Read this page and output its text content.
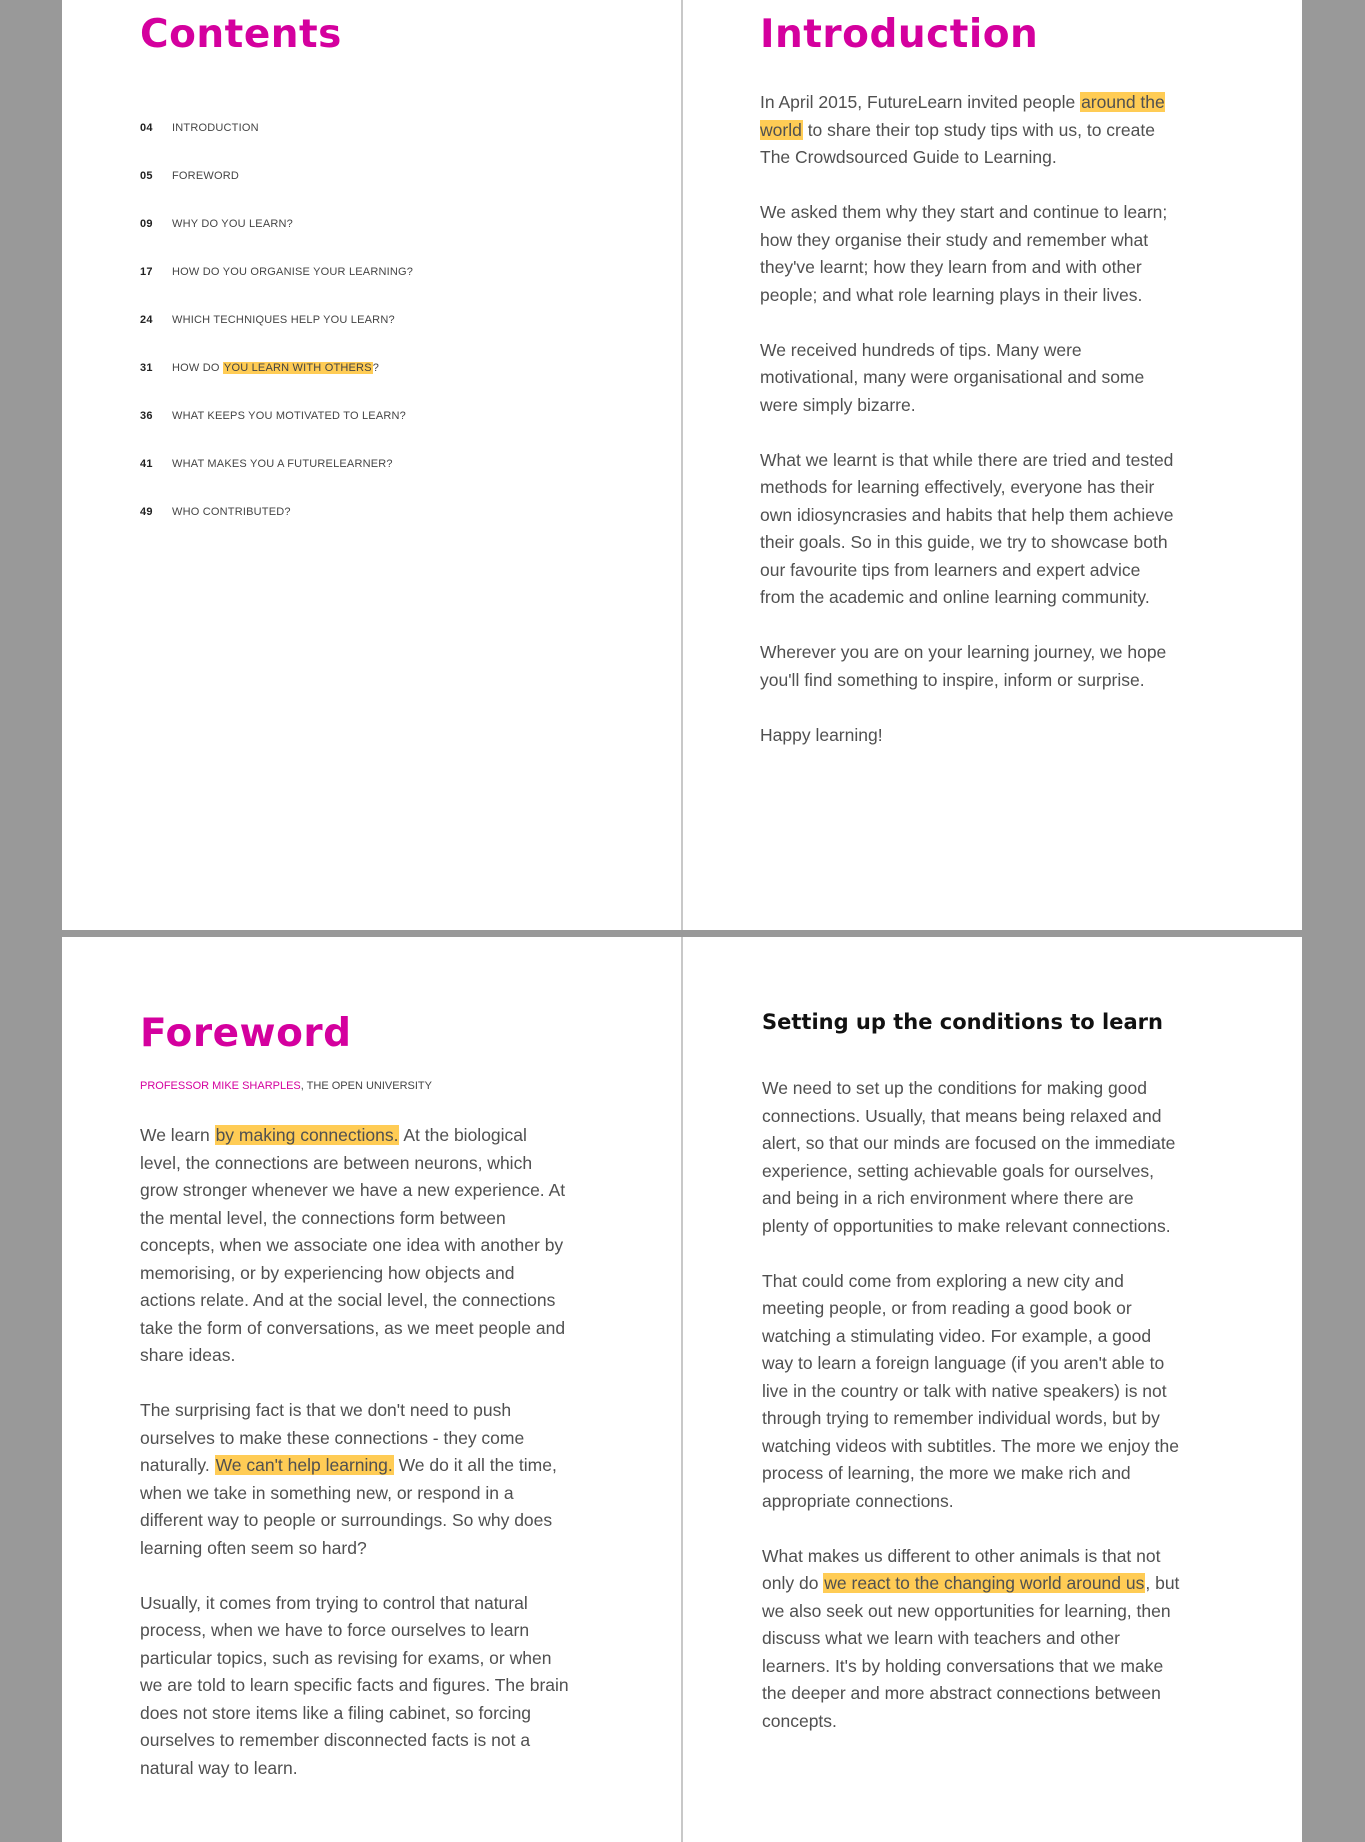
Contents
04	INTRODUCTION
05	FOREWORD
09	WHY DO YOU LEARN?
17	HOW DO YOU ORGANISE YOUR LEARNING?
24	WHICH TECHNIQUES HELP YOU LEARN?
31	HOW DO YOU LEARN WITH OTHERS?
36	WHAT KEEPS YOU MOTIVATED TO LEARN?
41	WHAT MAKES YOU A FUTURELEARNER?
49	WHO CONTRIBUTED?
Introduction

In April 2015, FutureLearn invited people around the world to share their top study tips with us, to create The Crowdsourced Guide to Learning.

We asked them why they start and continue to learn; how they organise their study and remember what they've learnt; how they learn from and with other people; and what role learning plays in their lives.

We received hundreds of tips. Many were motivational, many were organisational and some were simply bizarre.

What we learnt is that while there are tried and tested methods for learning effectively, everyone has their own idiosyncrasies and habits that help them achieve their goals. So in this guide, we try to showcase both our favourite tips from learners and expert advice from the academic and online learning community.

Wherever you are on your learning journey, we hope you'll find something to inspire, inform or surprise.

Happy learning!

Foreword
PROFESSOR MIKE SHARPLES, THE OPEN UNIVERSITY

We learn by making connections. At the biological level, the connections are between neurons, which grow stronger whenever we have a new experience. At the mental level, the connections form between concepts, when we associate one idea with another by memorising, or by experiencing how objects and actions relate. And at the social level, the connections take the form of conversations, as we meet people and share ideas.

The surprising fact is that we don't need to push ourselves to make these connections - they come naturally. We can't help learning. We do it all the time, when we take in something new, or respond in a different way to people or surroundings. So why does learning often seem so hard?

Usually, it comes from trying to control that natural process, when we have to force ourselves to learn particular topics, such as revising for exams, or when we are told to learn specific facts and figures. The brain does not store items like a filing cabinet, so forcing ourselves to remember disconnected facts is not a natural way to learn.

Setting up the conditions to learn

We need to set up the conditions for making good connections. Usually, that means being relaxed and alert, so that our minds are focused on the immediate experience, setting achievable goals for ourselves, and being in a rich environment where there are plenty of opportunities to make relevant connections.

That could come from exploring a new city and meeting people, or from reading a good book or watching a stimulating video. For example, a good way to learn a foreign language (if you aren't able to live in the country or talk with native speakers) is not through trying to remember individual words, but by watching videos with subtitles. The more we enjoy the process of learning, the more we make rich and appropriate connections.

What makes us different to other animals is that not only do we react to the changing world around us, but we also seek out new opportunities for learning, then discuss what we learn with teachers and other learners. It's by holding conversations that we make the deeper and more abstract connections between concepts.
